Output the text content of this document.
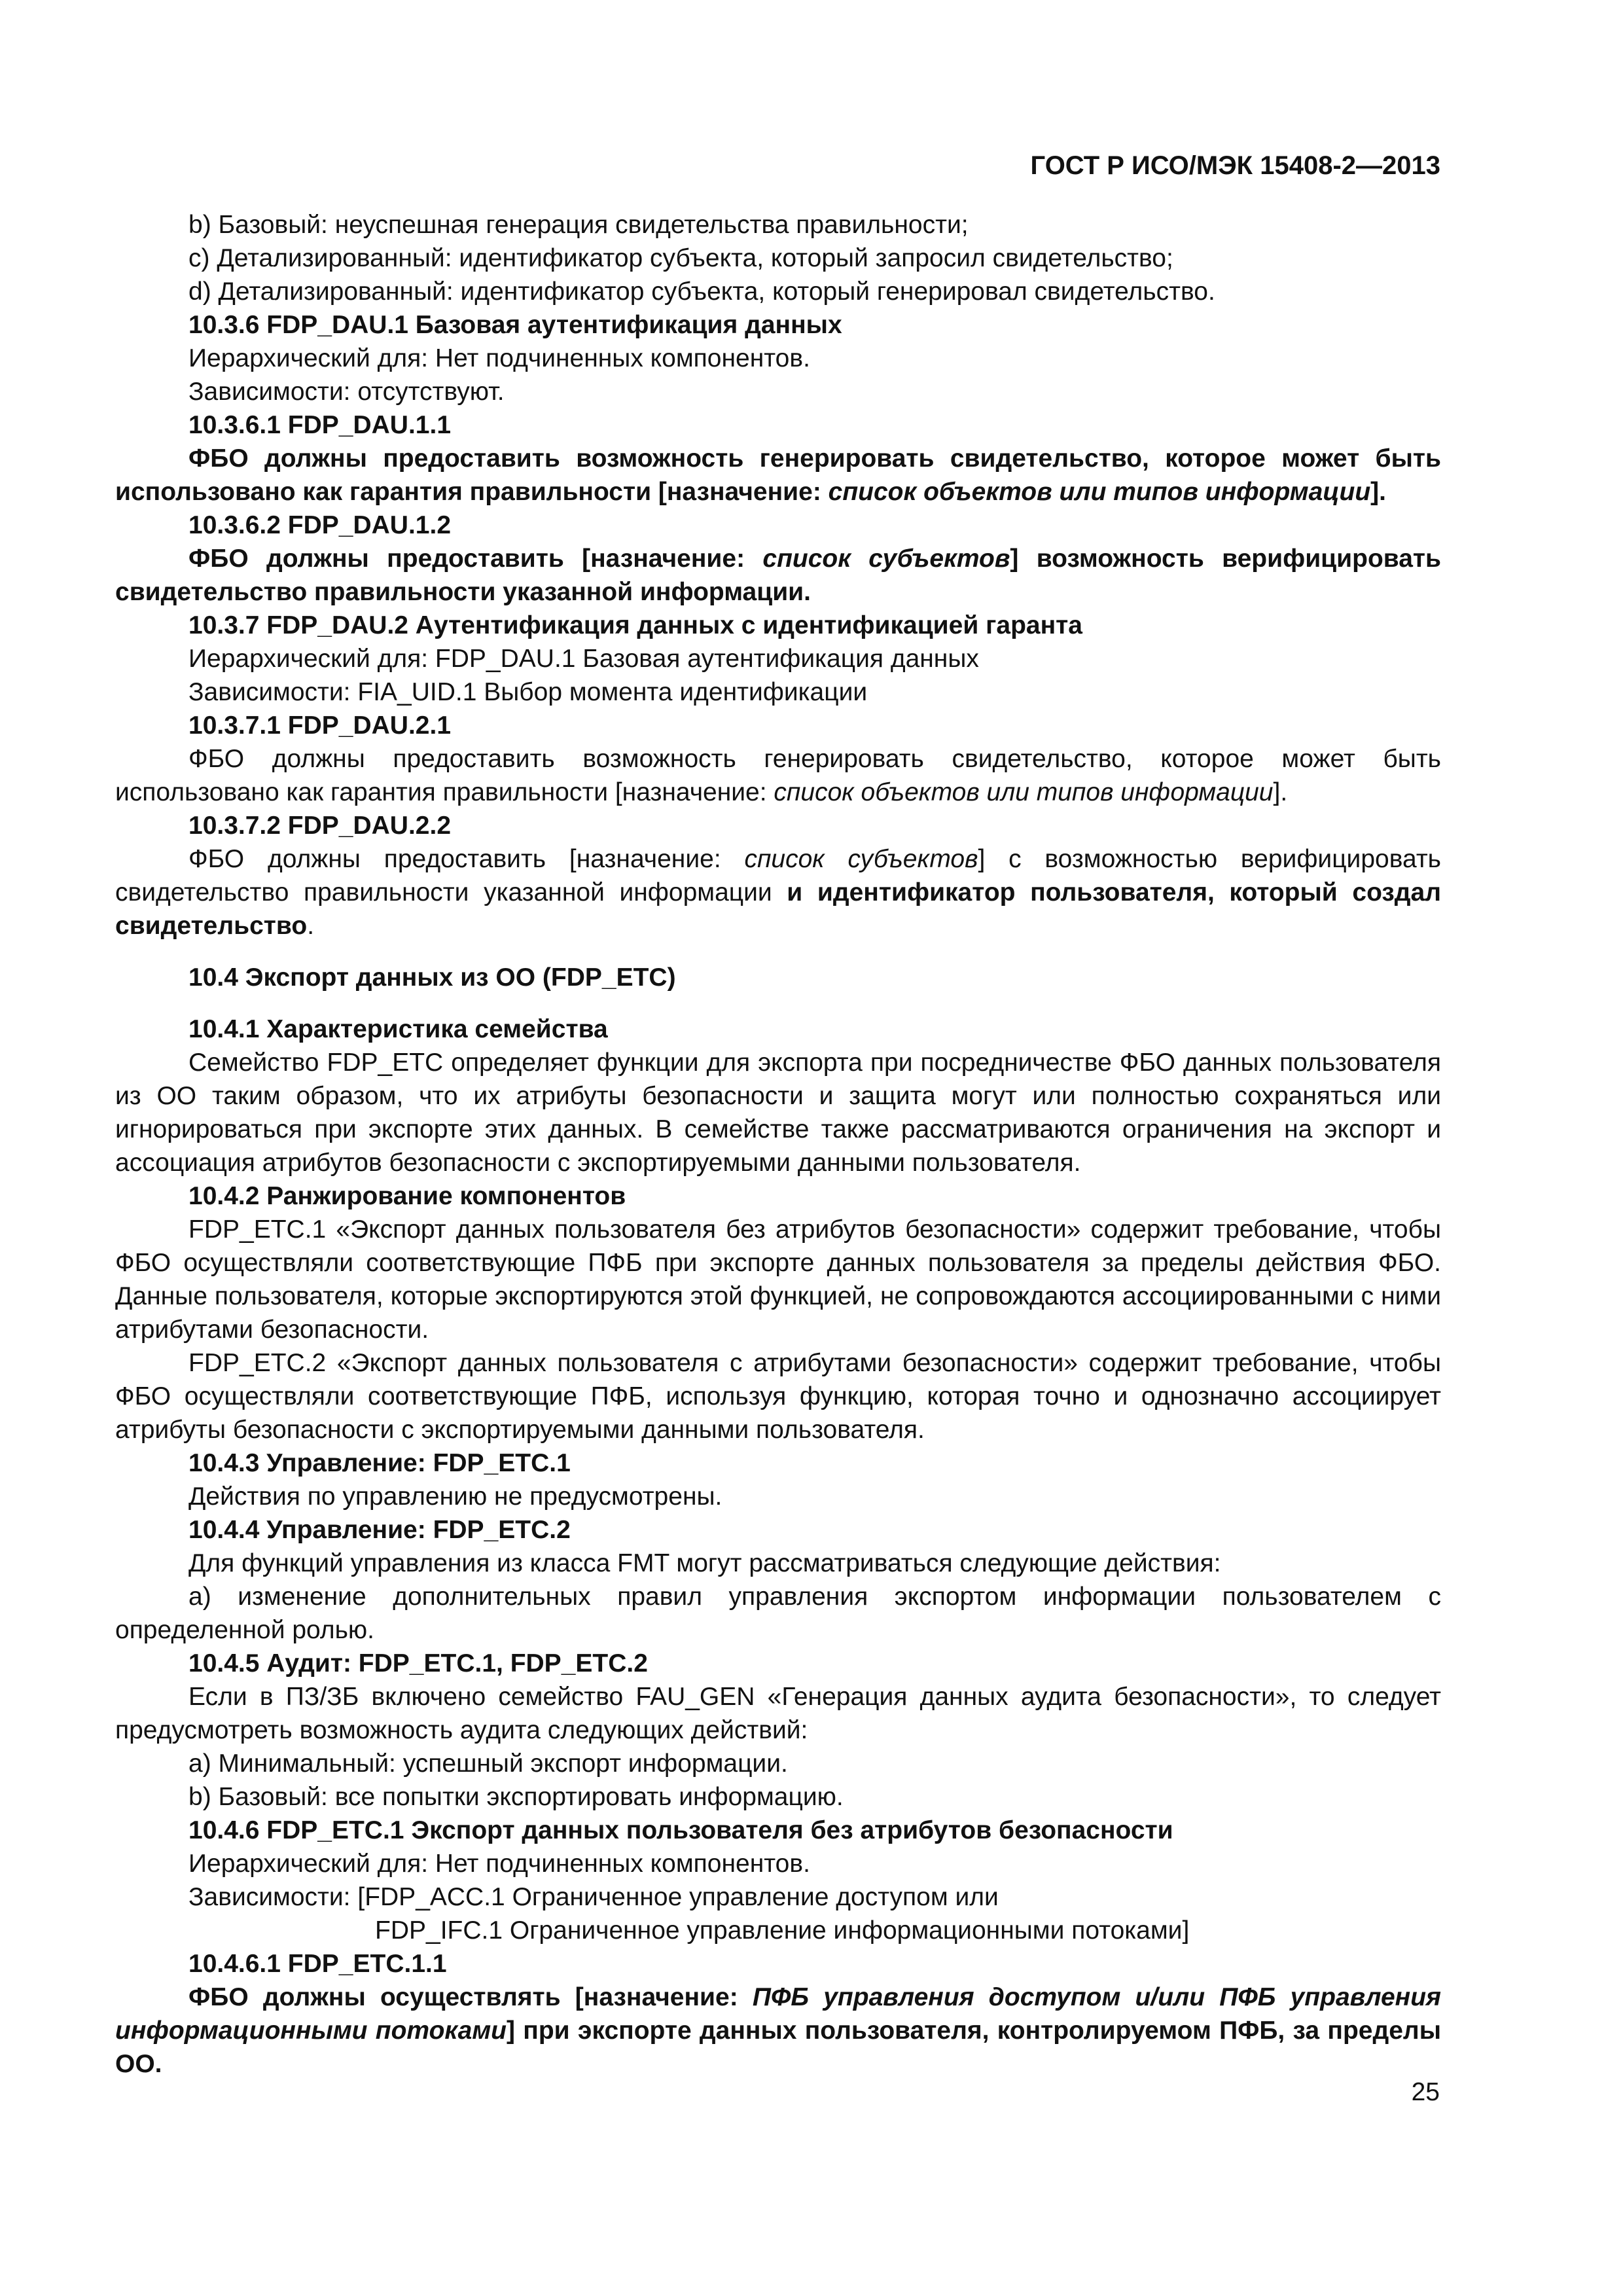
ГОСТ Р ИСО/МЭК 15408-2—2013

b) Базовый: неуспешная генерация свидетельства правильности;

c) Детализированный: идентификатор субъекта, который запросил свидетельство;

d) Детализированный: идентификатор субъекта, который генерировал свидетельство.

10.3.6 FDP_DAU.1 Базовая аутентификация данных

Иерархический для: Нет подчиненных компонентов.

Зависимости: отсутствуют.

10.3.6.1 FDP_DAU.1.1

ФБО должны предоставить возможность генерировать свидетельство, которое может быть использовано как гарантия правильности [назначение: список объектов или типов информации].

10.3.6.2 FDP_DAU.1.2

ФБО должны предоставить [назначение: список субъектов] возможность верифицировать свидетельство правильности указанной информации.

10.3.7 FDP_DAU.2 Аутентификация данных с идентификацией гаранта

Иерархический для: FDP_DAU.1 Базовая аутентификация данных

Зависимости: FIA_UID.1 Выбор момента идентификации

10.3.7.1 FDP_DAU.2.1

ФБО должны предоставить возможность генерировать свидетельство, которое может быть использовано как гарантия правильности [назначение: список объектов или типов информации].

10.3.7.2 FDP_DAU.2.2

ФБО должны предоставить [назначение: список субъектов] с возможностью верифицировать свидетельство правильности указанной информации и идентификатор пользователя, который создал свидетельство.

10.4 Экспорт данных из ОО (FDP_ETC)

10.4.1 Характеристика семейства

Семейство FDP_ETC определяет функции для экспорта при посредничестве ФБО данных пользователя из ОО таким образом, что их атрибуты безопасности и защита могут или полностью сохраняться или игнорироваться при экспорте этих данных. В семействе также рассматриваются ограничения на экспорт и ассоциация атрибутов безопасности с экспортируемыми данными пользователя.

10.4.2 Ранжирование компонентов

FDP_ETC.1 «Экспорт данных пользователя без атрибутов безопасности» содержит требование, чтобы ФБО осуществляли соответствующие ПФБ при экспорте данных пользователя за пределы действия ФБО. Данные пользователя, которые экспортируются этой функцией, не сопровождаются ассоциированными с ними атрибутами безопасности.

FDP_ETC.2 «Экспорт данных пользователя с атрибутами безопасности» содержит требование, чтобы ФБО осуществляли соответствующие ПФБ, используя функцию, которая точно и однозначно ассоциирует атрибуты безопасности с экспортируемыми данными пользователя.

10.4.3 Управление: FDP_ETC.1

Действия по управлению не предусмотрены.

10.4.4 Управление: FDP_ETC.2

Для функций управления из класса FMT могут рассматриваться следующие действия:

a) изменение дополнительных правил управления экспортом информации пользователем с определенной ролью.

10.4.5 Аудит: FDP_ETC.1, FDP_ETC.2

Если в ПЗ/ЗБ включено семейство FAU_GEN «Генерация данных аудита безопасности», то следует предусмотреть возможность аудита следующих действий:

a) Минимальный: успешный экспорт информации.

b) Базовый: все попытки экспортировать информацию.

10.4.6 FDP_ETC.1 Экспорт данных пользователя без атрибутов безопасности

Иерархический для: Нет подчиненных компонентов.

Зависимости: [FDP_ACC.1 Ограниченное управление доступом или

FDP_IFC.1 Ограниченное управление информационными потоками]

10.4.6.1 FDP_ETC.1.1

ФБО должны осуществлять [назначение: ПФБ управления доступом и/или ПФБ управления информационными потоками] при экспорте данных пользователя, контролируемом ПФБ, за пределы ОО.

25
